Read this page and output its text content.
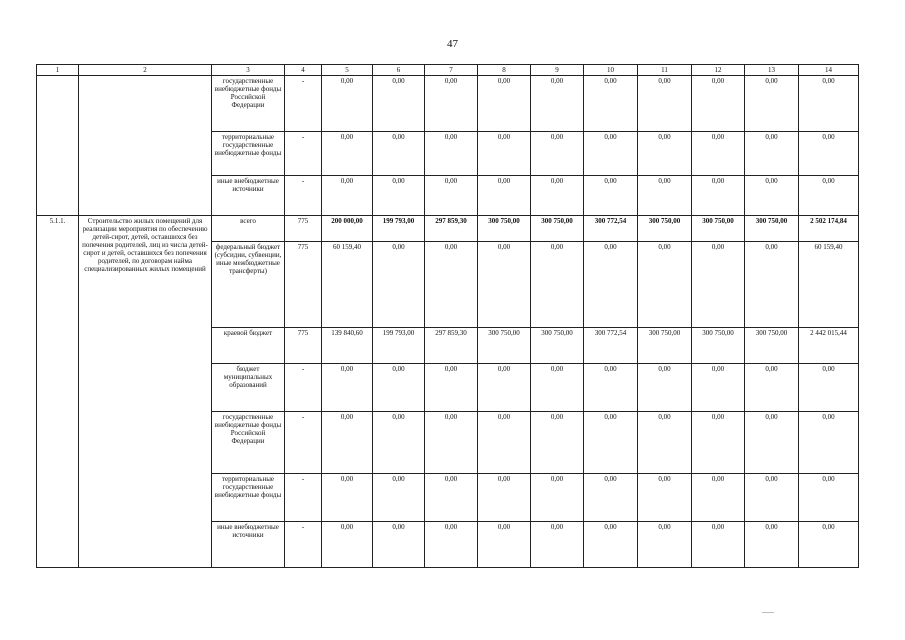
47
1	2	3	4	5	6	7	8	9	10	11	12	13	14
		государственные внебюджетные фонды Российской Федерации	-	0,00	0,00	0,00	0,00	0,00	0,00	0,00	0,00	0,00	0,00
		территориальные государственные внебюджетные фонды	-	0,00	0,00	0,00	0,00	0,00	0,00	0,00	0,00	0,00	0,00
		иные внебюджетные источники	-	0,00	0,00	0,00	0,00	0,00	0,00	0,00	0,00	0,00	0,00
5.1.1.	Строительство жилых помещений для реализации мероприятия по обеспечению детей-сирот, детей, оставшихся без попечения родителей, лиц из числа детей-сирот и детей, оставшихся без попечения родителей, по договорам найма специализированных жилых помещений	всего	775	200 000,00	199 793,00	297 859,30	300 750,00	300 750,00	300 772,54	300 750,00	300 750,00	300 750,00	2 502 174,84
		федеральный бюджет (субсидии, субвенции, иные межбюджетные трансферты)	775	60 159,40	0,00	0,00	0,00	0,00	0,00	0,00	0,00	0,00	60 159,40
		краевой бюджет	775	139 840,60	199 793,00	297 859,30	300 750,00	300 750,00	300 772,54	300 750,00	300 750,00	300 750,00	2 442 015,44
		бюджет муниципальных образований	-	0,00	0,00	0,00	0,00	0,00	0,00	0,00	0,00	0,00	0,00
		государственные внебюджетные фонды Российской Федерации	-	0,00	0,00	0,00	0,00	0,00	0,00	0,00	0,00	0,00	0,00
		территориальные государственные внебюджетные фонды	-	0,00	0,00	0,00	0,00	0,00	0,00	0,00	0,00	0,00	0,00
		иные внебюджетные источники	-	0,00	0,00	0,00	0,00	0,00	0,00	0,00	0,00	0,00	0,00
